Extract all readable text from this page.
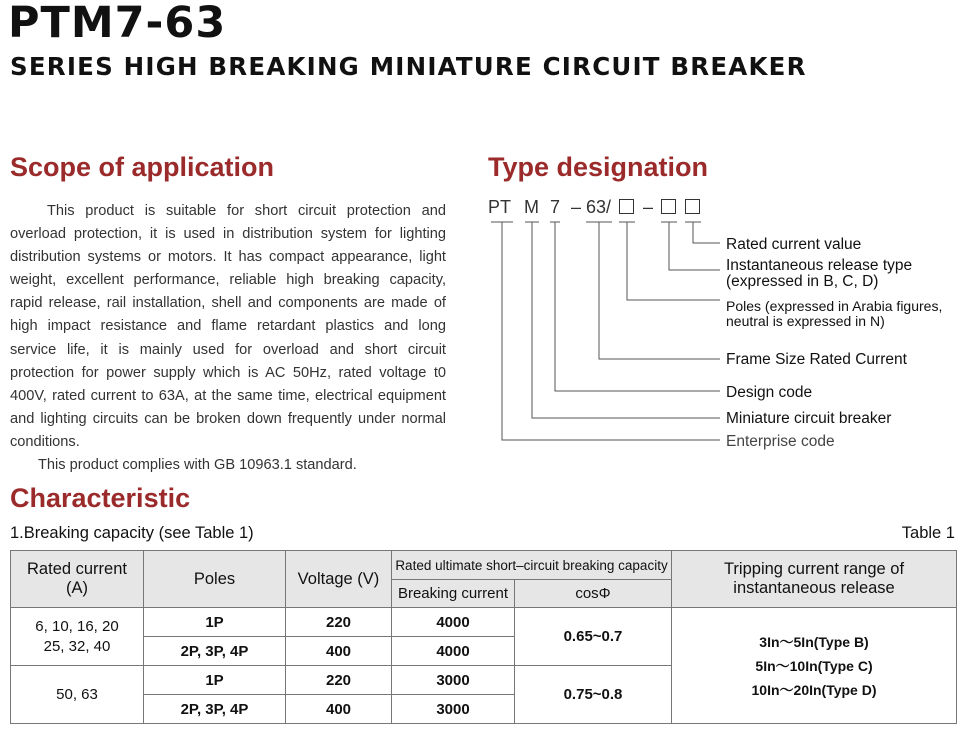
PTM7-63
SERIES HIGH BREAKING MINIATURE CIRCUIT BREAKER
Scope of application

This product is suitable for short circuit protection and overload protection, it is used in distribution system for lighting distribution systems or motors. It has compact appearance, light weight, excellent performance, reliable high breaking capacity, rapid release, rail installation, shell and components are made of high impact resistance and flame retardant plastics and long service life, it is mainly used for overload and short circuit protection for power supply which is AC 50Hz, rated voltage t0 400V, rated current to 63A, at the same time, electrical equipment and lighting circuits can be broken down frequently under normal conditions.

This product complies with GB 10963.1 standard.

Type designation
PT M 7 – 63/ –
Rated current value
Instantaneous release type
(expressed in B, C, D)
Poles (expressed in Arabia figures,
neutral is expressed in N)
Frame Size Rated Current
Design code
Miniature circuit breaker
Enterprise code
Characteristic
1.Breaking capacity (see Table 1)	Table 1
Rated current
(A)	Poles	Voltage (V)	Rated ultimate short–circuit breaking capacity		Tripping current range of
instantaneous release
			Breaking current	cosΦ	
6, 10, 16, 20
25, 32, 40	1P	220	4000	0.65~0.7	3In～5In(Type B)
5In～10In(Type C)
10In～20In(Type D)
	2P, 3P, 4P	400	4000		
50, 63	1P	220	3000	0.75~0.8	
	2P, 3P, 4P	400	3000		
